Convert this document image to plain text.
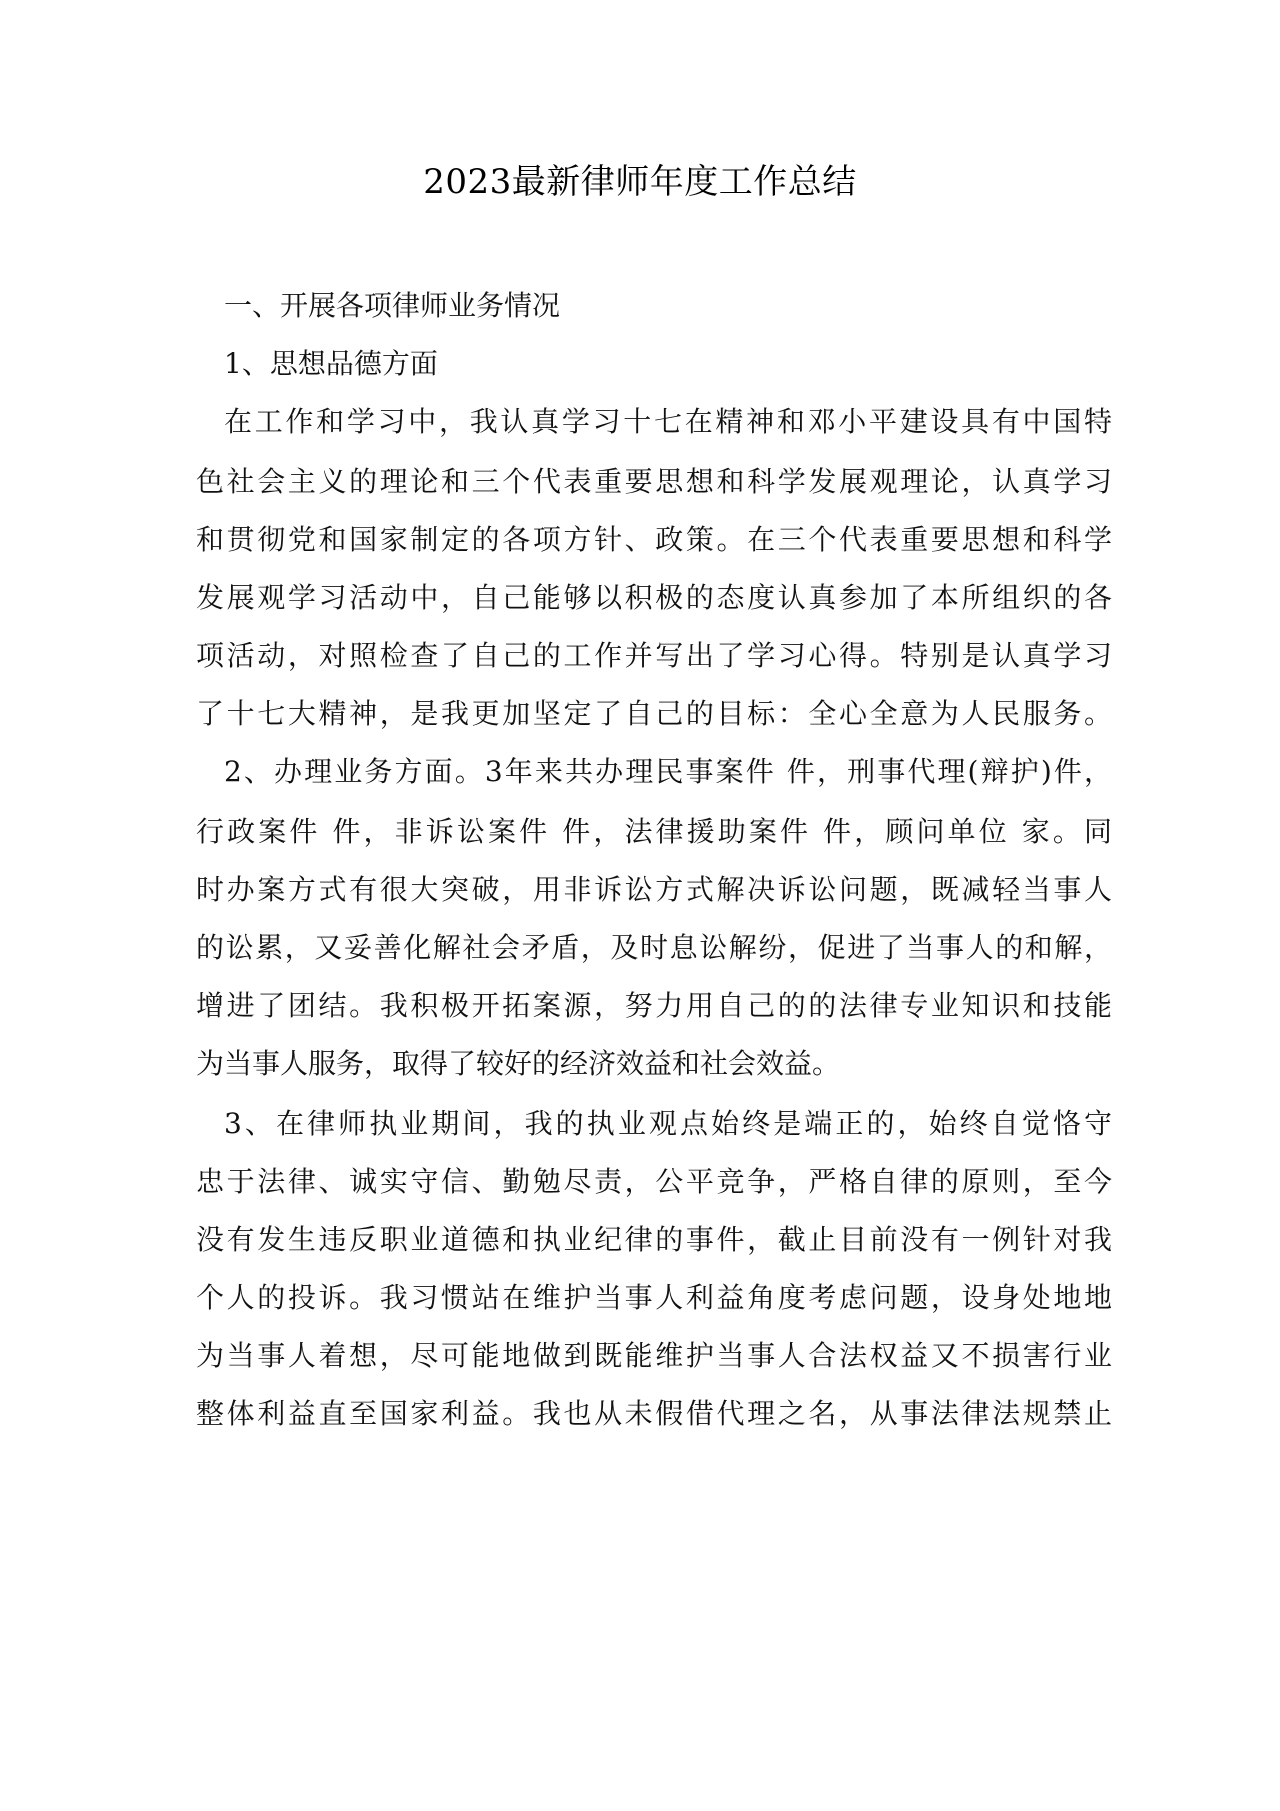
2023最新律师年度工作总结
一、开展各项律师业务情况
1、思想品德方面
在工作和学习中，我认真学习十七在精神和邓小平建设具有中国特
色社会主义的理论和三个代表重要思想和科学发展观理论，认真学习
和贯彻党和国家制定的各项方针、政策。在三个代表重要思想和科学
发展观学习活动中，自己能够以积极的态度认真参加了本所组织的各
项活动，对照检查了自己的工作并写出了学习心得。特别是认真学习
了十七大精神，是我更加坚定了自己的目标：全心全意为人民服务。
2、办理业务方面。3年来共办理民事案件 件，刑事代理(辩护)件，
行政案件 件，非诉讼案件 件，法律援助案件 件，顾问单位 家。同
时办案方式有很大突破，用非诉讼方式解决诉讼问题，既减轻当事人
的讼累，又妥善化解社会矛盾，及时息讼解纷，促进了当事人的和解，
增进了团结。我积极开拓案源，努力用自己的的法律专业知识和技能
为当事人服务，取得了较好的经济效益和社会效益。
3、在律师执业期间，我的执业观点始终是端正的，始终自觉恪守
忠于法律、诚实守信、勤勉尽责，公平竞争，严格自律的原则，至今
没有发生违反职业道德和执业纪律的事件，截止目前没有一例针对我
个人的投诉。我习惯站在维护当事人利益角度考虑问题，设身处地地
为当事人着想，尽可能地做到既能维护当事人合法权益又不损害行业
整体利益直至国家利益。我也从未假借代理之名，从事法律法规禁止
